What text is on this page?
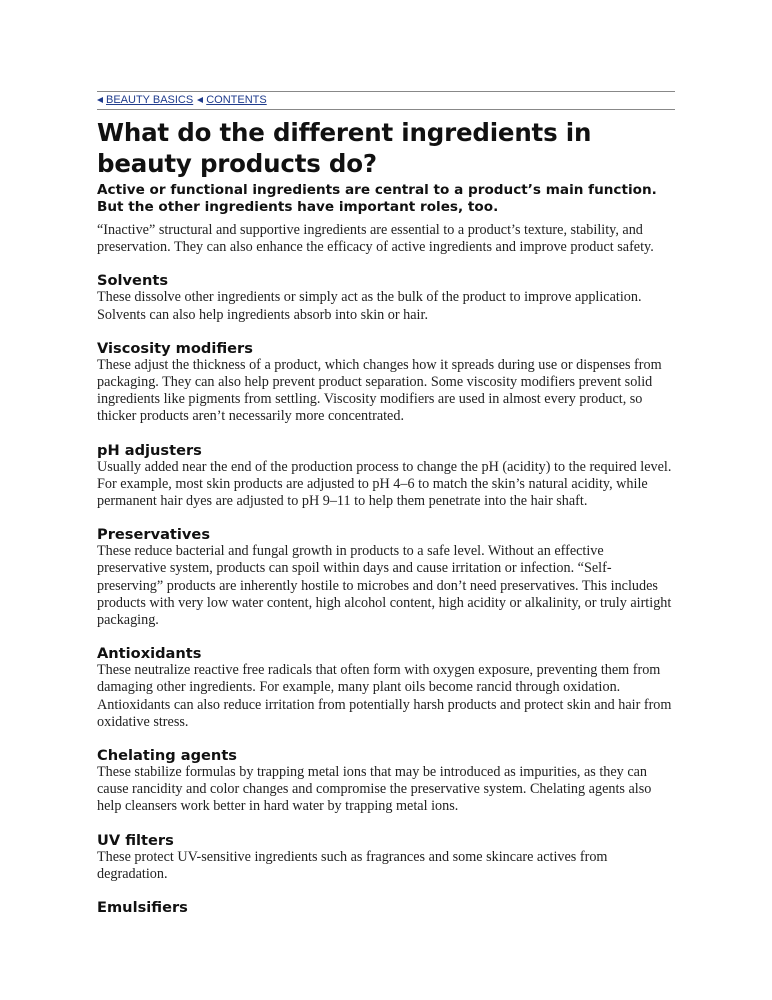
BEAUTY BASICS CONTENTS
What do the different ingredients in beauty products do?
Active or functional ingredients are central to a product’s main function. But the other ingredients have important roles, too.

“Inactive” structural and supportive ingredients are essential to a product’s texture, stability, and preservation. They can also enhance the efficacy of active ingredients and improve product safety.

Solvents

These dissolve other ingredients or simply act as the bulk of the product to improve application. Solvents can also help ingredients absorb into skin or hair.

Viscosity modifiers

These adjust the thickness of a product, which changes how it spreads during use or dispenses from packaging. They can also help prevent product separation. Some viscosity modifiers prevent solid ingredients like pigments from settling. Viscosity modifiers are used in almost every product, so thicker products aren’t necessarily more concentrated.

pH adjusters

Usually added near the end of the production process to change the pH (acidity) to the required level. For example, most skin products are adjusted to pH 4–6 to match the skin’s natural acidity, while permanent hair dyes are adjusted to pH 9–11 to help them penetrate into the hair shaft.

Preservatives

These reduce bacterial and fungal growth in products to a safe level. Without an effective preservative system, products can spoil within days and cause irritation or infection. “Self-preserving” products are inherently hostile to microbes and don’t need preservatives. This includes products with very low water content, high alcohol content, high acidity or alkalinity, or truly airtight packaging.

Antioxidants

These neutralize reactive free radicals that often form with oxygen exposure, preventing them from damaging other ingredients. For example, many plant oils become rancid through oxidation. Antioxidants can also reduce irritation from potentially harsh products and protect skin and hair from oxidative stress.

Chelating agents

These stabilize formulas by trapping metal ions that may be introduced as impurities, as they can cause rancidity and color changes and compromise the preservative system. Chelating agents also help cleansers work better in hard water by trapping metal ions.

UV filters

These protect UV-sensitive ingredients such as fragrances and some skincare actives from degradation.

Emulsifiers
